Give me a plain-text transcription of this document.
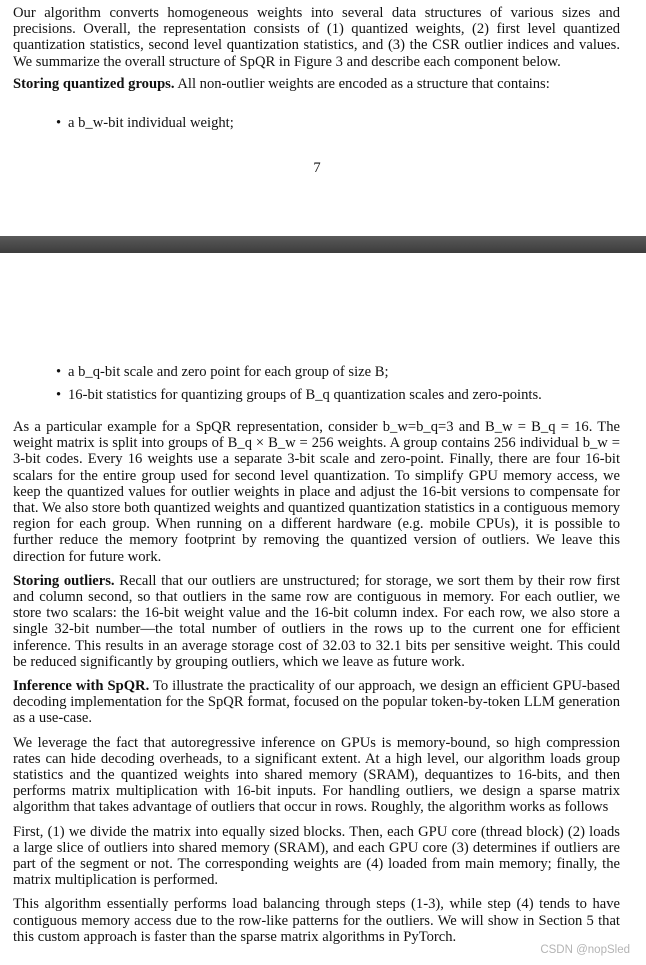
Our algorithm converts homogeneous weights into several data structures of various sizes and precisions. Overall, the representation consists of (1) quantized weights, (2) first level quantized quantization statistics, second level quantization statistics, and (3) the CSR outlier indices and values. We summarize the overall structure of SpQR in Figure 3 and describe each component below.

Storing quantized groups. All non-outlier weights are encoded as a structure that contains:

• a b_w-bit individual weight;
7
• a b_q-bit scale and zero point for each group of size B;
• 16-bit statistics for quantizing groups of B_q quantization scales and zero-points.

As a particular example for a SpQR representation, consider b_w=b_q=3 and B_w = B_q = 16. The weight matrix is split into groups of B_q × B_w = 256 weights. A group contains 256 individual b_w = 3-bit codes. Every 16 weights use a separate 3-bit scale and zero-point. Finally, there are four 16-bit scalars for the entire group used for second level quantization. To simplify GPU memory access, we keep the quantized values for outlier weights in place and adjust the 16-bit versions to compensate for that. We also store both quantized weights and quantized quantization statistics in a contiguous memory region for each group. When running on a different hardware (e.g. mobile CPUs), it is possible to further reduce the memory footprint by removing the quantized version of outliers. We leave this direction for future work.

Storing outliers. Recall that our outliers are unstructured; for storage, we sort them by their row first and column second, so that outliers in the same row are contiguous in memory. For each outlier, we store two scalars: the 16-bit weight value and the 16-bit column index. For each row, we also store a single 32-bit number—the total number of outliers in the rows up to the current one for efficient inference. This results in an average storage cost of 32.03 to 32.1 bits per sensitive weight. This could be reduced significantly by grouping outliers, which we leave as future work.

Inference with SpQR. To illustrate the practicality of our approach, we design an efficient GPU-based decoding implementation for the SpQR format, focused on the popular token-by-token LLM generation as a use-case.

We leverage the fact that autoregressive inference on GPUs is memory-bound, so high compression rates can hide decoding overheads, to a significant extent. At a high level, our algorithm loads group statistics and the quantized weights into shared memory (SRAM), dequantizes to 16-bits, and then performs matrix multiplication with 16-bit inputs. For handling outliers, we design a sparse matrix algorithm that takes advantage of outliers that occur in rows. Roughly, the algorithm works as follows

First, (1) we divide the matrix into equally sized blocks. Then, each GPU core (thread block) (2) loads a large slice of outliers into shared memory (SRAM), and each GPU core (3) determines if outliers are part of the segment or not. The corresponding weights are (4) loaded from main memory; finally, the matrix multiplication is performed.

This algorithm essentially performs load balancing through steps (1-3), while step (4) tends to have contiguous memory access due to the row-like patterns for the outliers. We will show in Section 5 that this custom approach is faster than the sparse matrix algorithms in PyTorch.

CSDN @nopSled
